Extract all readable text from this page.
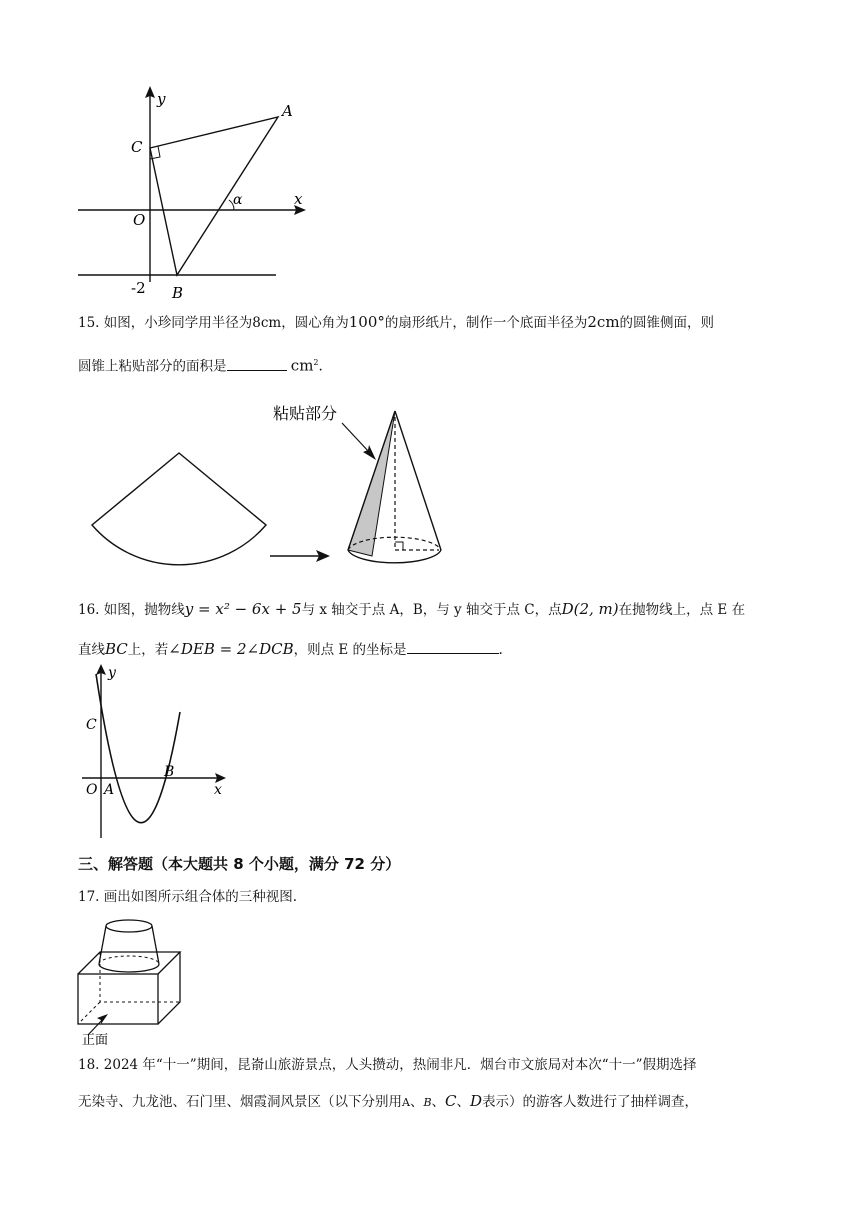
y
x
A
C
O
α
-2 B
15. 如图，小珍同学用半径为8cm，圆心角为100°的扇形纸片，制作一个底面半径为2cm的圆锥侧面，则
圆锥上粘贴部分的面积是	$cm^2$.
粘贴部分
16. 如图，抛物线y = x² − 6x + 5与 x 轴交于点 A，B，与 y 轴交于点 C，点D(2, m)在抛物线上，点 E 在
直线BC上，若∠DEB = 2∠DCB，则点 E 的坐标是	.
y
C
B
O A	x
三、解答题（本大题共 8 个小题，满分 72 分）
17. 画出如图所示组合体的三种视图.
正面
18. 2024 年“十一”期间，昆嵛山旅游景点，人头攒动，热闹非凡．烟台市文旅局对本次“十一”假期选择
无染寺、九龙池、石门里、烟霞洞风景区（以下分别用A、B、C、D表示）的游客人数进行了抽样调查，
